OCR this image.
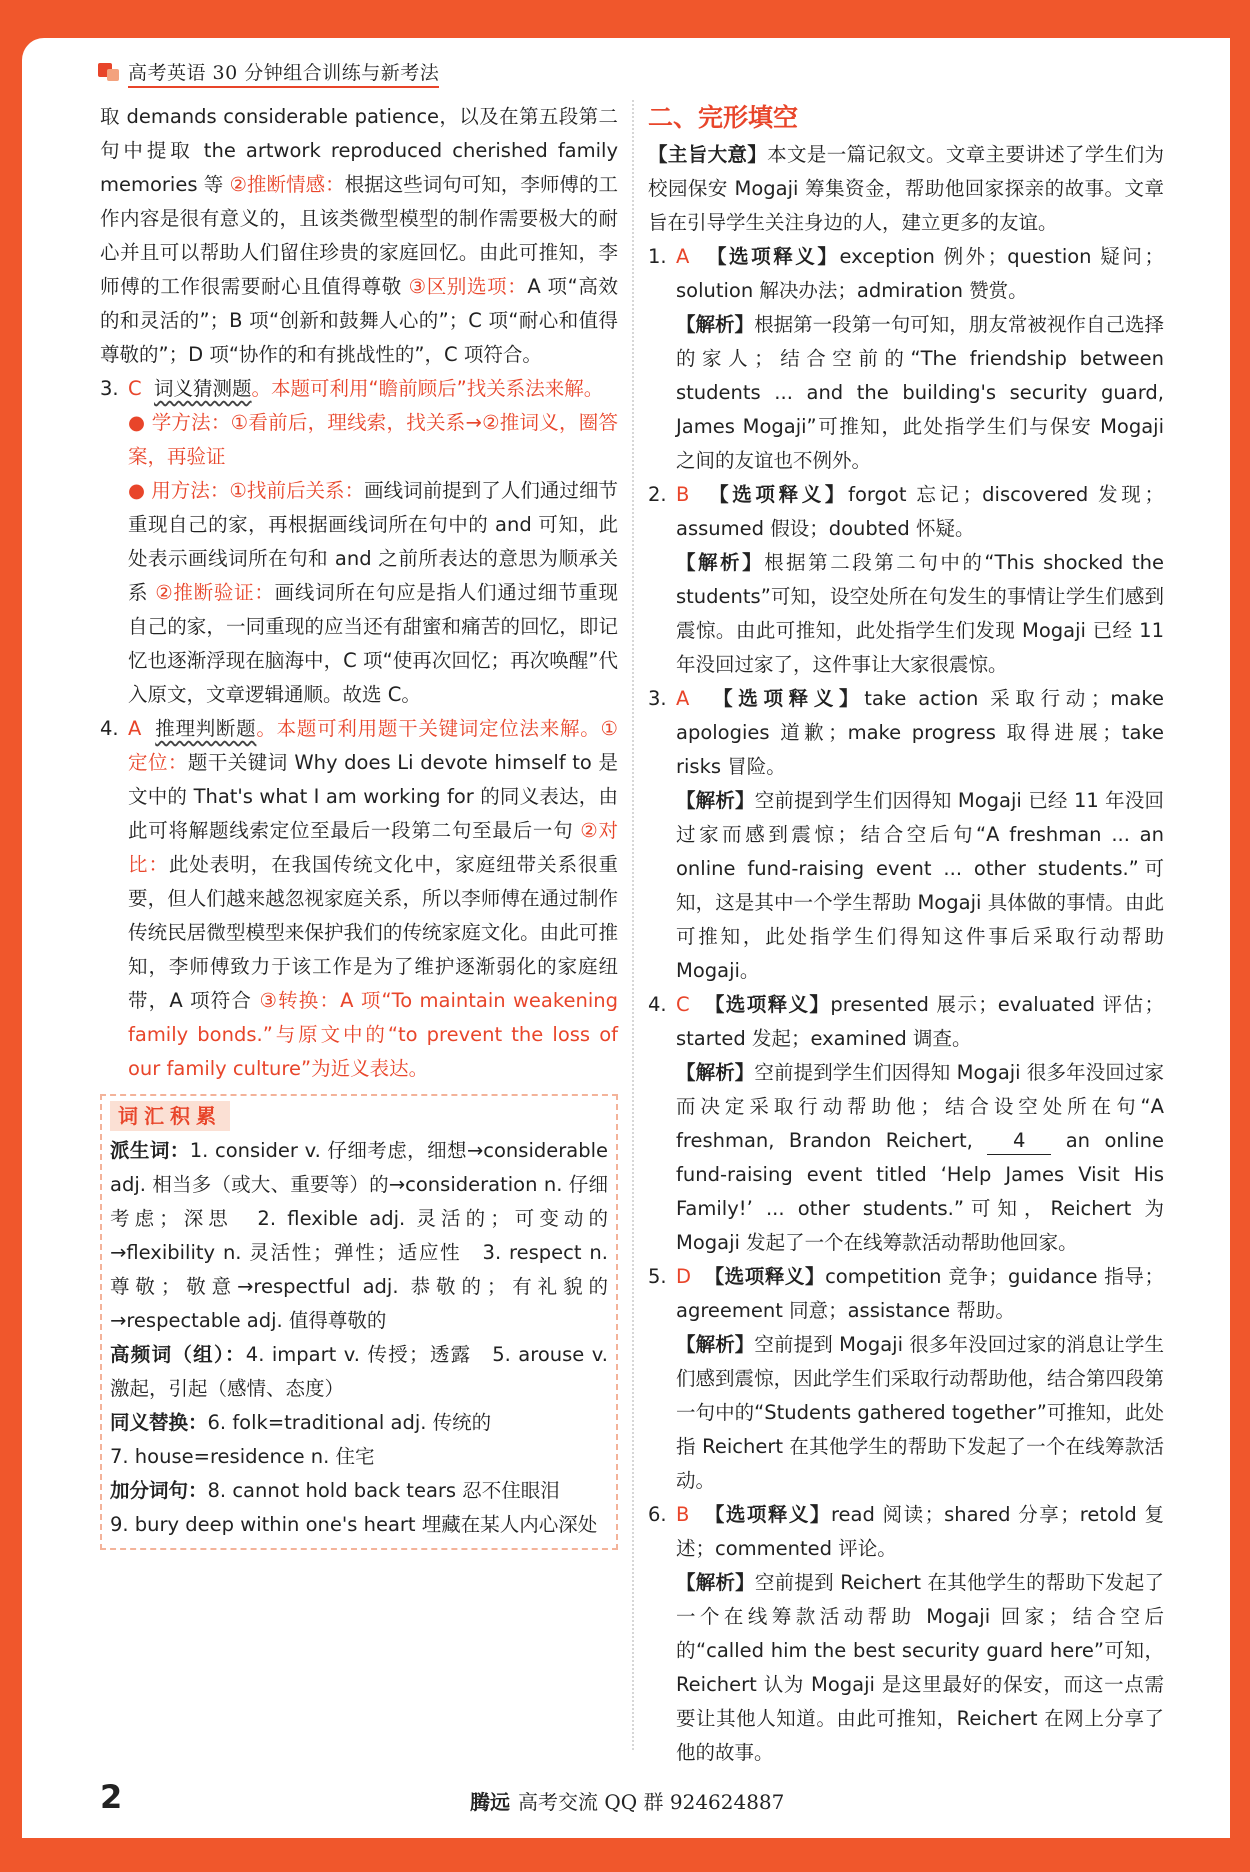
高考英语 30 分钟组合训练与新考法

取 demands considerable patience，以及在第五段第二句中提取 the artwork reproduced cherished family memories 等 ②推断情感：根据这些词句可知，李师傅的工作内容是很有意义的，且该类微型模型的制作需要极大的耐心并且可以帮助人们留住珍贵的家庭回忆。由此可推知，李师傅的工作很需要耐心且值得尊敬 ③区别选项：A 项“高效的和灵活的”；B 项“创新和鼓舞人心的”；C 项“耐心和值得尊敬的”；D 项“协作的和有挑战性的”，C 项符合。

3. C 词义猜测题。本题可利用“瞻前顾后”找关系法来解。

● 学方法：①看前后，理线索，找关系→②推词义，圈答案，再验证

● 用方法：①找前后关系：画线词前提到了人们通过细节重现自己的家，再根据画线词所在句中的 and 可知，此处表示画线词所在句和 and 之前所表达的意思为顺承关系 ②推断验证：画线词所在句应是指人们通过细节重现自己的家，一同重现的应当还有甜蜜和痛苦的回忆，即记忆也逐渐浮现在脑海中，C 项“使再次回忆；再次唤醒”代入原文，文章逻辑通顺。故选 C。

4. A 推理判断题。本题可利用题干关键词定位法来解。①定位：题干关键词 Why does Li devote himself to 是文中的 That's what I am working for 的同义表达，由此可将解题线索定位至最后一段第二句至最后一句 ②对比：此处表明，在我国传统文化中，家庭纽带关系很重要，但人们越来越忽视家庭关系，所以李师傅在通过制作传统民居微型模型来保护我们的传统家庭文化。由此可推知，李师傅致力于该工作是为了维护逐渐弱化的家庭纽带，A 项符合 ③转换：A 项“To maintain weakening family bonds.”与原文中的“to prevent the loss of our family culture”为近义表达。
词汇积累

派生词：1. consider v. 仔细考虑，细想→considerable adj. 相当多（或大、重要等）的→consideration n. 仔细考虑；深思　2. flexible adj. 灵活的；可变动的→flexibility n. 灵活性；弹性；适应性　3. respect n. 尊敬；敬意→respectful adj. 恭敬的；有礼貌的→respectable adj. 值得尊敬的

高频词（组）：4. impart v. 传授；透露　5. arouse v. 激起，引起（感情、态度）

同义替换：6. folk=traditional adj. 传统的

7. house=residence n. 住宅

加分词句：8. cannot hold back tears 忍不住眼泪

9. bury deep within one's heart 埋藏在某人内心深处

二、完形填空

【主旨大意】本文是一篇记叙文。文章主要讲述了学生们为校园保安 Mogaji 筹集资金，帮助他回家探亲的故事。文章旨在引导学生关注身边的人，建立更多的友谊。

1. A 【选项释义】exception 例外；question 疑问；solution 解决办法；admiration 赞赏。

【解析】根据第一段第一句可知，朋友常被视作自己选择的家人；结合空前的“The friendship between students ... and the building's security guard, James Mogaji”可推知，此处指学生们与保安 Mogaji 之间的友谊也不例外。

2. B 【选项释义】forgot 忘记；discovered 发现；assumed 假设；doubted 怀疑。

【解析】根据第二段第二句中的“This shocked the students”可知，设空处所在句发生的事情让学生们感到震惊。由此可推知，此处指学生们发现 Mogaji 已经 11 年没回过家了，这件事让大家很震惊。

3. A 【选项释义】take action 采取行动；make apologies 道歉；make progress 取得进展；take risks 冒险。

【解析】空前提到学生们因得知 Mogaji 已经 11 年没回过家而感到震惊；结合空后句“A freshman ... an online fund-raising event ... other students.”可知，这是其中一个学生帮助 Mogaji 具体做的事情。由此可推知，此处指学生们得知这件事后采取行动帮助 Mogaji。

4. C 【选项释义】presented 展示；evaluated 评估；started 发起；examined 调查。

【解析】空前提到学生们因得知 Mogaji 很多年没回过家而决定采取行动帮助他；结合设空处所在句“A freshman, Brandon Reichert, 4 an online fund-raising event titled ‘Help James Visit His Family!’ ... other students.”可知，Reichert 为 Mogaji 发起了一个在线筹款活动帮助他回家。

5. D 【选项释义】competition 竞争；guidance 指导；agreement 同意；assistance 帮助。

【解析】空前提到 Mogaji 很多年没回过家的消息让学生们感到震惊，因此学生们采取行动帮助他，结合第四段第一句中的“Students gathered together”可推知，此处指 Reichert 在其他学生的帮助下发起了一个在线筹款活动。

6. B 【选项释义】read 阅读；shared 分享；retold 复述；commented 评论。

【解析】空前提到 Reichert 在其他学生的帮助下发起了一个在线筹款活动帮助 Mogaji 回家；结合空后的“called him the best security guard here”可知，Reichert 认为 Mogaji 是这里最好的保安，而这一点需要让其他人知道。由此可推知，Reichert 在网上分享了他的故事。

2	腾远 高考交流 QQ 群 924624887
